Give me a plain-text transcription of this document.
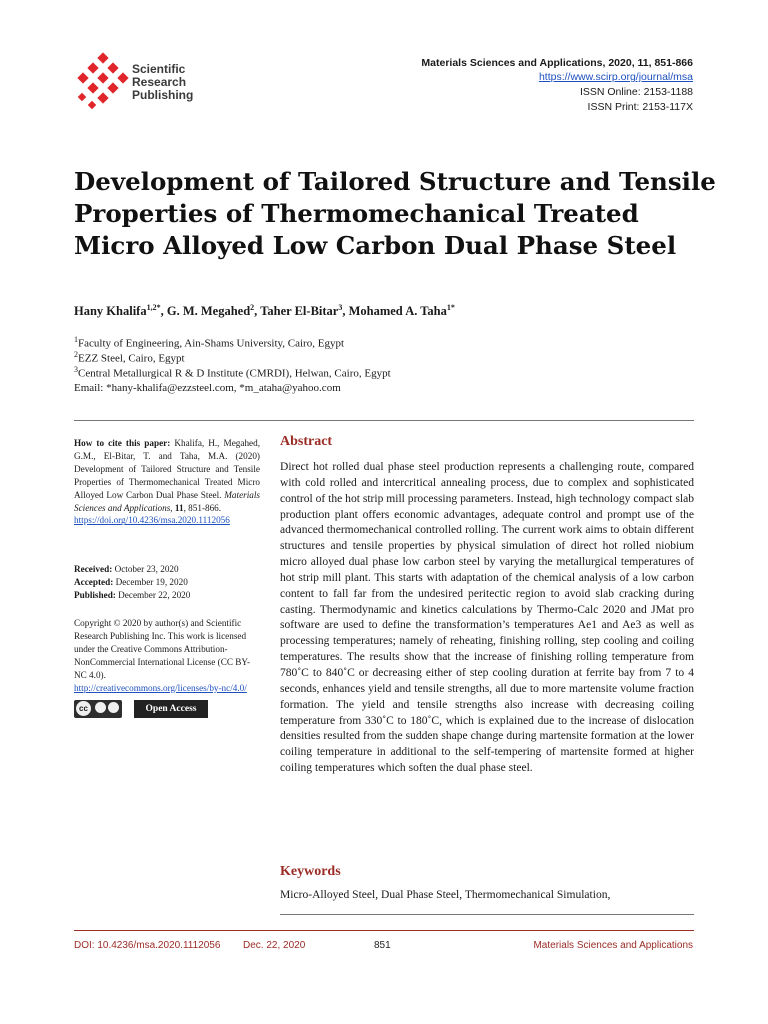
Scientific
Research
Publishing
Materials Sciences and Applications, 2020, 11, 851-866
https://www.scirp.org/journal/msa
ISSN Online: 2153-1188
ISSN Print: 2153-117X
Development of Tailored Structure and Tensile
Properties of Thermomechanical Treated
Micro Alloyed Low Carbon Dual Phase Steel
Hany Khalifa$^{1,2*}$, G. M. Megahed$^2$, Taher El-Bitar$^3$, Mohamed A. Taha$^{1*}$
$^1$Faculty of Engineering, Ain-Shams University, Cairo, Egypt
$^2$EZZ Steel, Cairo, Egypt
$^3$Central Metallurgical R & D Institute (CMRDI), Helwan, Cairo, Egypt
Email: *hany-khalifa@ezzsteel.com, *m_ataha@yahoo.com
How to cite this paper: Khalifa, H., Megahed, G.M., El-Bitar, T. and Taha, M.A. (2020) Development of Tailored Structure and Tensile Properties of Thermomechanical Treated Micro Alloyed Low Carbon Dual Phase Steel. Materials Sciences and Applications, 11, 851-866.
https://doi.org/10.4236/msa.2020.1112056
Received: October 23, 2020
Accepted: December 19, 2020
Published: December 22, 2020
Copyright © 2020 by author(s) and Scientific Research Publishing Inc. This work is licensed under the Creative Commons Attribution-NonCommercial International License (CC BY-NC 4.0).
http://creativecommons.org/licenses/by-nc/4.0/
cc	Open Access
Abstract
Direct hot rolled dual phase steel production represents a challenging route, compared with cold rolled and intercritical annealing process, due to complex and sophisticated control of the hot strip mill processing parameters. Instead, high technology compact slab production plant offers economic advantages, adequate control and prompt use of the advanced thermomechanical controlled rolling. The current work aims to obtain different structures and tensile properties by physical simulation of direct hot rolled niobium micro alloyed dual phase low carbon steel by varying the metallurgical temperatures of hot strip mill plant. This starts with adaptation of the chemical analysis of a low carbon content to fall far from the undesired peritectic region to avoid slab cracking during casting. Thermodynamic and kinetics calculations by Thermo-Calc 2020 and JMat pro software are used to define the transformation’s temperatures Ae1 and Ae3 as well as processing temperatures; namely of reheating, finishing rolling, step cooling and coiling temperatures. The results show that the increase of finishing rolling temperature from 780˚C to 840˚C or decreasing either of step cooling duration at ferrite bay from 7 to 4 seconds, enhances yield and tensile strengths, all due to more martensite volume fraction formation. The yield and tensile strengths also increase with decreasing coiling temperature from 330˚C to 180˚C, which is explained due to the increase of dislocation densities resulted from the sudden shape change during martensite formation at the lower coiling temperature in additional to the self-tempering of martensite formed at higher coiling temperatures which soften the dual phase steel.
Keywords
Micro-Alloyed Steel, Dual Phase Steel, Thermomechanical Simulation,
DOI: 10.4236/msa.2020.1112056 Dec. 22, 2020	851	Materials Sciences and Applications
